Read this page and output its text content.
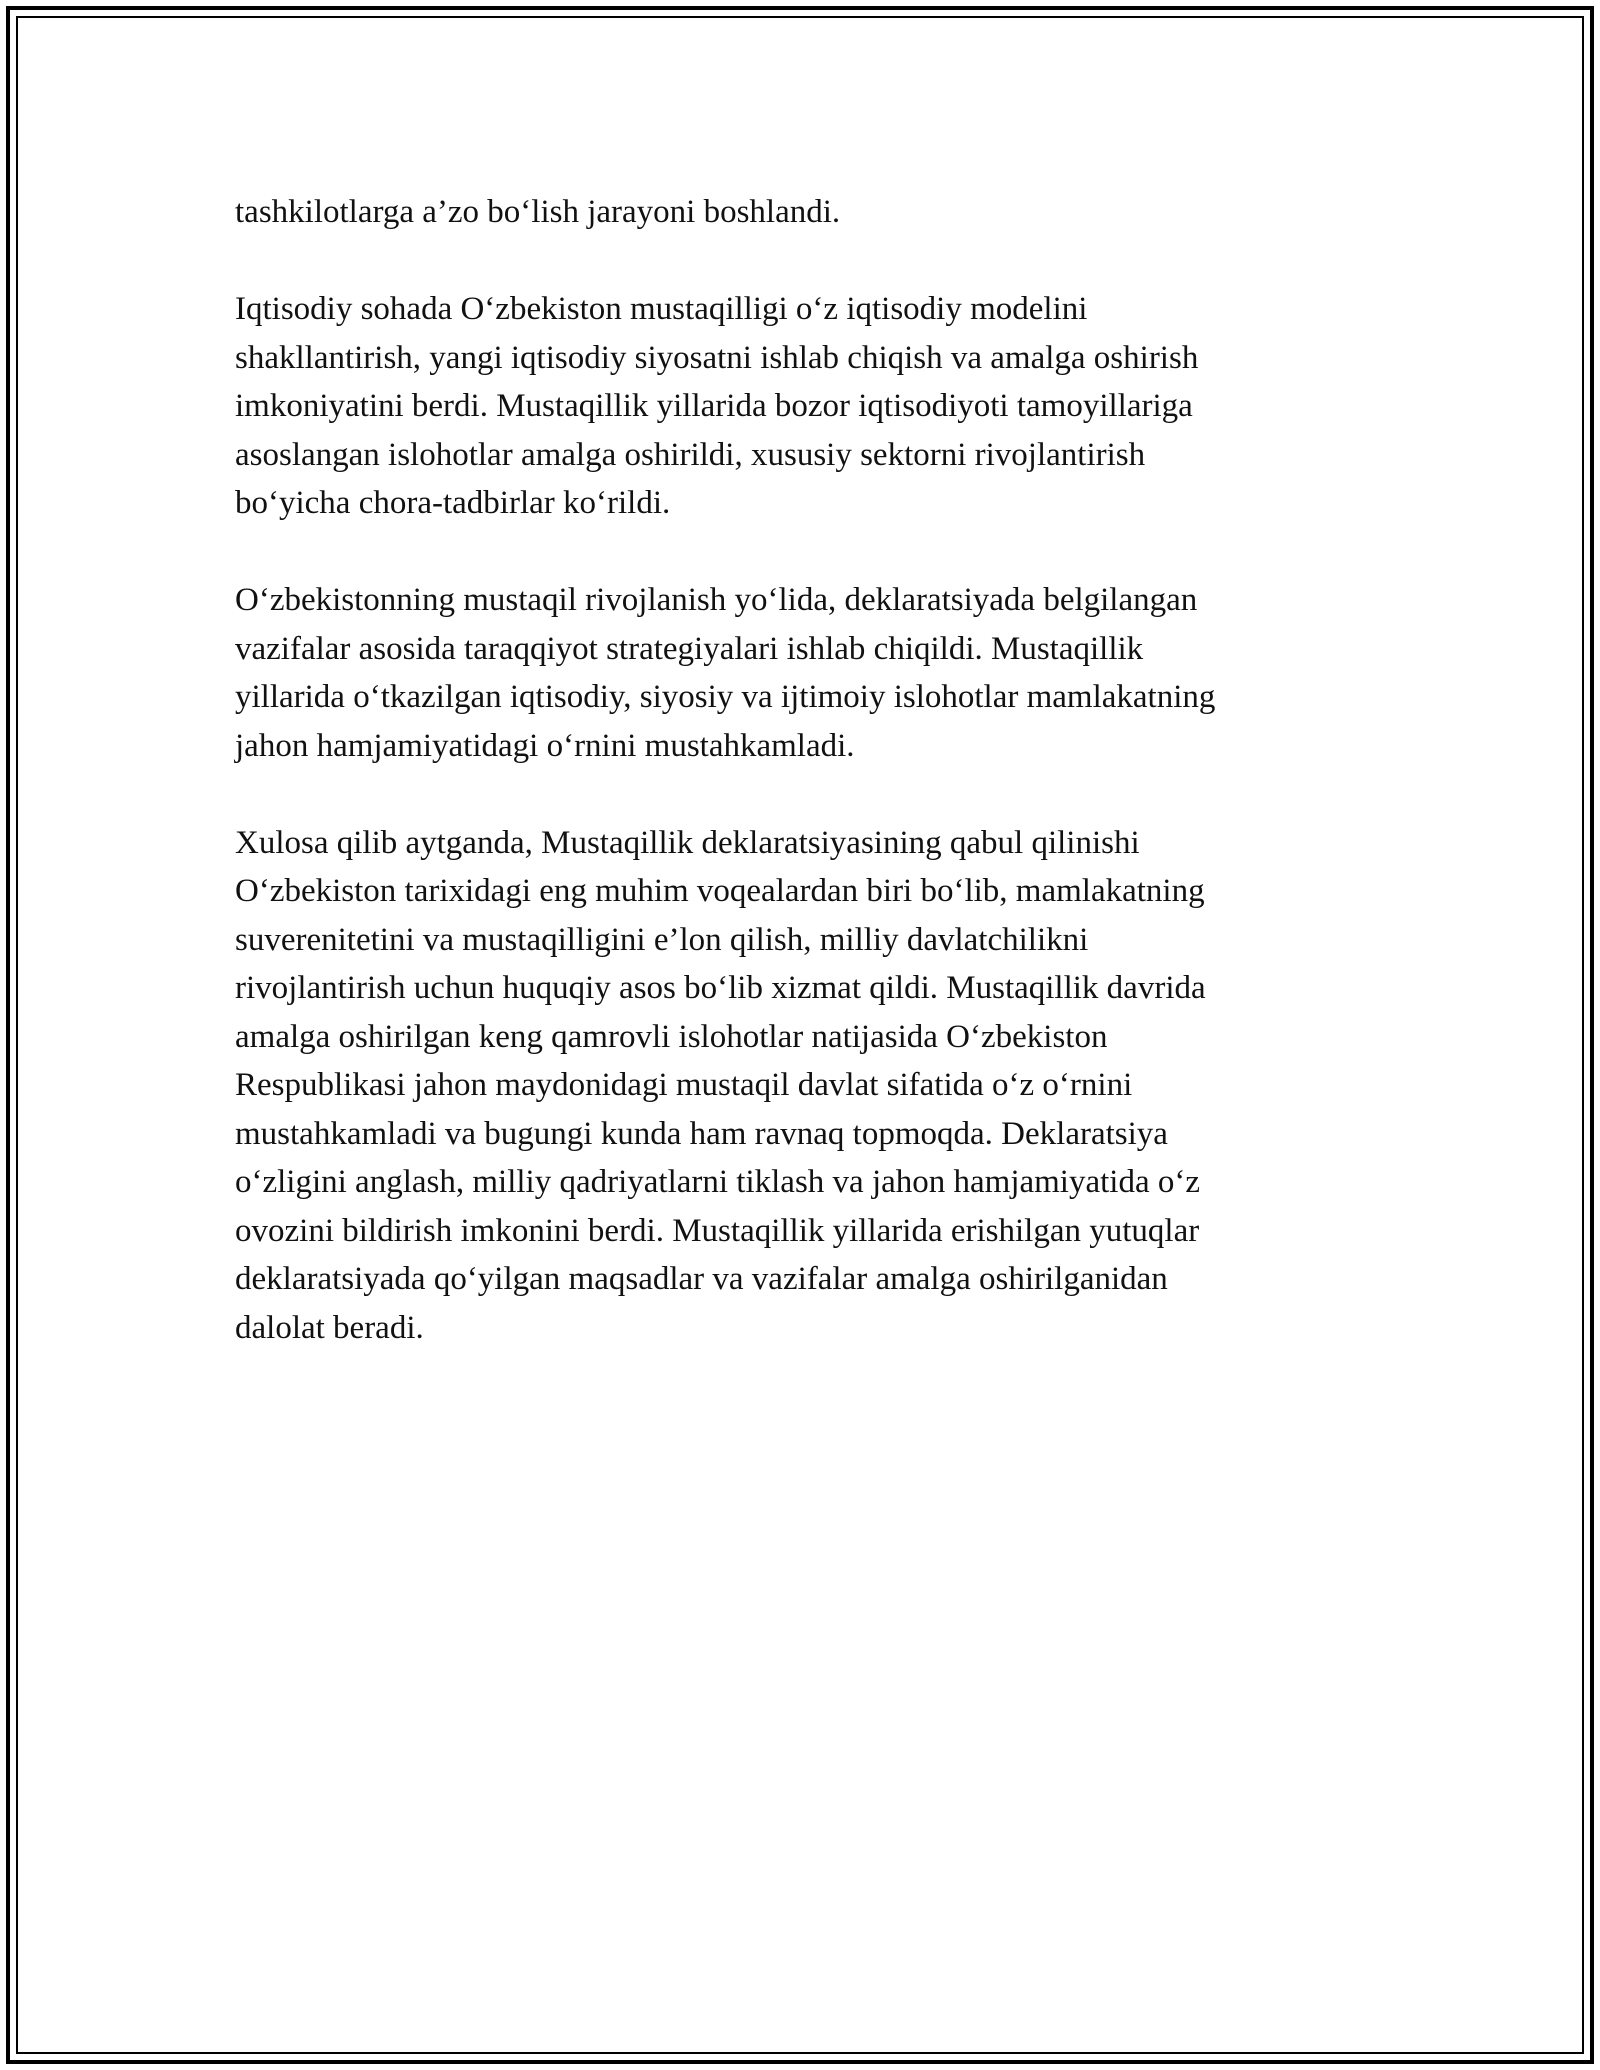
tashkilotlarga a’zo bo‘lish jarayoni boshlandi.

Iqtisodiy sohada O‘zbekiston mustaqilligi o‘z iqtisodiy modelini
shakllantirish, yangi iqtisodiy siyosatni ishlab chiqish va amalga oshirish
imkoniyatini berdi. Mustaqillik yillarida bozor iqtisodiyoti tamoyillariga
asoslangan islohotlar amalga oshirildi, xususiy sektorni rivojlantirish
bo‘yicha chora-tadbirlar ko‘rildi.

O‘zbekistonning mustaqil rivojlanish yo‘lida, deklaratsiyada belgilangan
vazifalar asosida taraqqiyot strategiyalari ishlab chiqildi. Mustaqillik
yillarida o‘tkazilgan iqtisodiy, siyosiy va ijtimoiy islohotlar mamlakatning
jahon hamjamiyatidagi o‘rnini mustahkamladi.

Xulosa qilib aytganda, Mustaqillik deklaratsiyasining qabul qilinishi
O‘zbekiston tarixidagi eng muhim voqealardan biri bo‘lib, mamlakatning
suverenitetini va mustaqilligini e’lon qilish, milliy davlatchilikni
rivojlantirish uchun huquqiy asos bo‘lib xizmat qildi. Mustaqillik davrida
amalga oshirilgan keng qamrovli islohotlar natijasida O‘zbekiston
Respublikasi jahon maydonidagi mustaqil davlat sifatida o‘z o‘rnini
mustahkamladi va bugungi kunda ham ravnaq topmoqda. Deklaratsiya
o‘zligini anglash, milliy qadriyatlarni tiklash va jahon hamjamiyatida o‘z
ovozini bildirish imkonini berdi. Mustaqillik yillarida erishilgan yutuqlar
deklaratsiyada qo‘yilgan maqsadlar va vazifalar amalga oshirilganidan
dalolat beradi.
